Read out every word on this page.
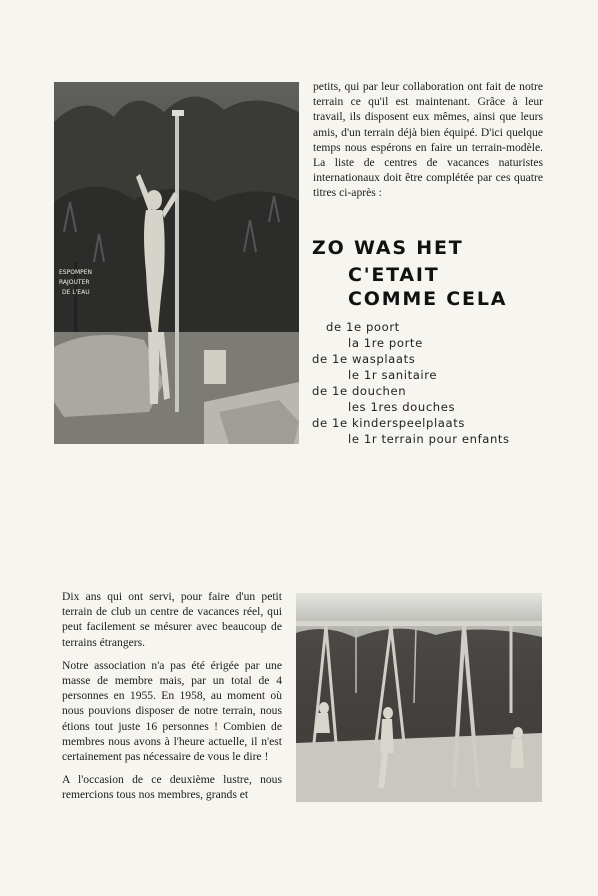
ESPOMPEN
RAJOUTER
DE L'EAU

petits, qui par leur collaboration ont fait de notre terrain ce qu'il est maintenant. Grâce à leur travail, ils disposent eux mêmes, ainsi que leurs amis, d'un terrain déjà bien équipé. D'ici quelque temps nous espérons en faire un terrain-modèle. La liste de centres de vacances naturistes internationaux doit être complétée par ces quatre titres ci-après :

ZO WAS HET
C'ETAIT
COMME CELA
de 1e poort
la 1re porte
de 1e wasplaats
le 1r sanitaire
de 1e douchen
les 1res douches
de 1e kinderspeelplaats
le 1r terrain pour enfants

Dix ans qui ont servi, pour faire d'un petit terrain de club un centre de vacances réel, qui peut facilement se mésurer avec beaucoup de terrains étrangers.

Notre association n'a pas été érigée par une masse de membre mais, par un total de 4 personnes en 1955. En 1958, au moment où nous pouvions disposer de notre terrain, nous étions tout juste 16 personnes ! Combien de membres nous avons à l'heure actuelle, il n'est certainement pas nécessaire de vous le dire !

A l'occasion de ce deuxième lustre, nous remercions tous nos membres, grands et
